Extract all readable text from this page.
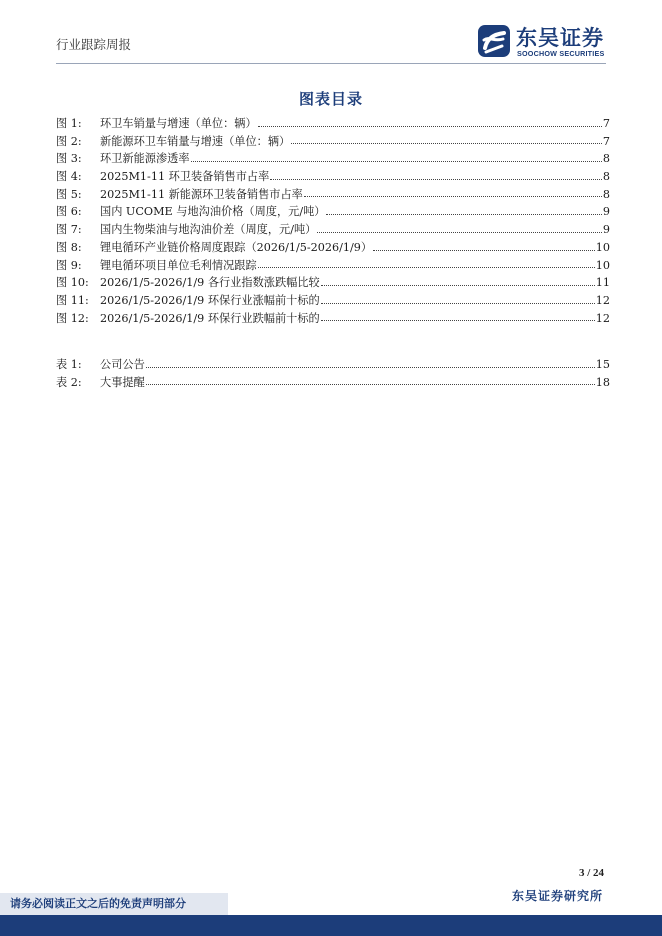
行业跟踪周报	东吴证券
SOOCHOW SECURITIES
图表目录
图 1:	环卫车销量与增速（单位：辆）	7
图 2:	新能源环卫车销量与增速（单位：辆）	7
图 3:	环卫新能源渗透率	8
图 4:	2025M1-11 环卫装备销售市占率	8
图 5:	2025M1-11 新能源环卫装备销售市占率	8
图 6:	国内 UCOME 与地沟油价格（周度，元/吨）	9
图 7:	国内生物柴油与地沟油价差（周度，元/吨）	9
图 8:	锂电循环产业链价格周度跟踪（2026/1/5-2026/1/9）	10
图 9:	锂电循环项目单位毛利情况跟踪	10
图 10:	2026/1/5-2026/1/9 各行业指数涨跌幅比较	11
图 11:	2026/1/5-2026/1/9 环保行业涨幅前十标的	12
图 12:	2026/1/5-2026/1/9 环保行业跌幅前十标的	12
表 1:	公司公告	15
表 2:	大事提醒	18
3 / 24
请务必阅读正文之后的免责声明部分
东吴证券研究所
